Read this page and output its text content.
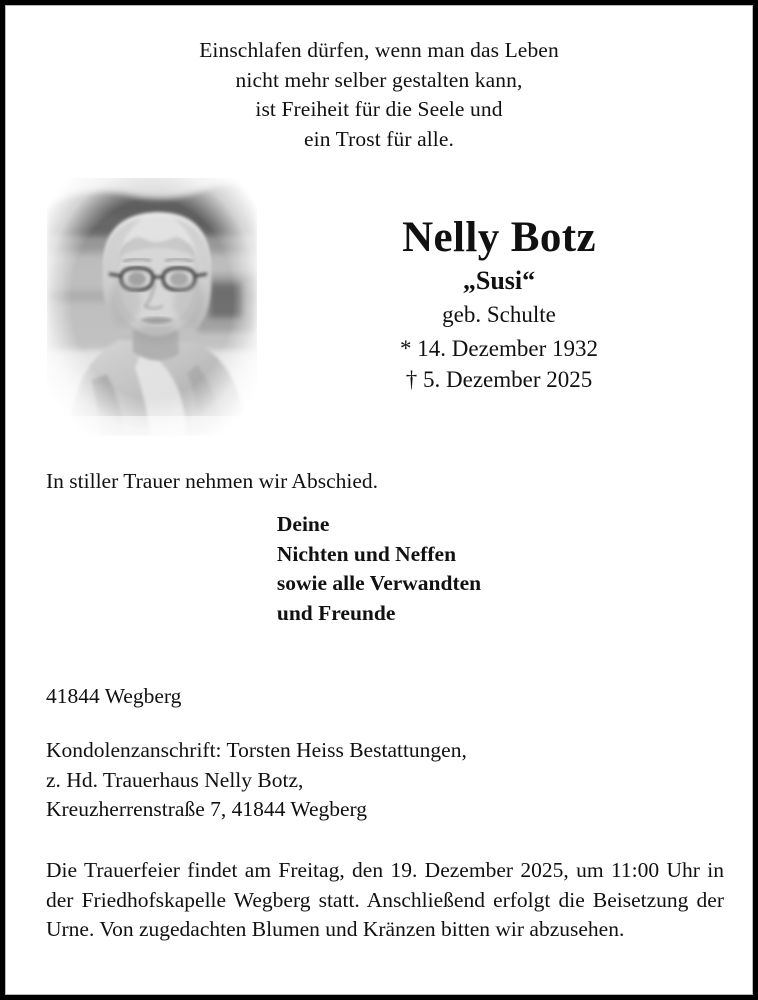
Einschlafen dürfen, wenn man das Leben
nicht mehr selber gestalten kann,
ist Freiheit für die Seele und
ein Trost für alle.
Nelly Botz
„Susi“
geb. Schulte
* 14. Dezember 1932
† 5. Dezember 2025
In stiller Trauer nehmen wir Abschied.
Deine
Nichten und Neffen
sowie alle Verwandten
und Freunde
41844 Wegberg
Kondolenzanschrift: Torsten Heiss Bestattungen,
z. Hd. Trauerhaus Nelly Botz,
Kreuzherrenstraße 7, 41844 Wegberg
Die Trauerfeier findet am Freitag, den 19. Dezember 2025, um 11:00 Uhr in der Friedhofskapelle Wegberg statt. Anschließend erfolgt die Beisetzung der Urne. Von zugedachten Blumen und Kränzen bitten wir abzusehen.
